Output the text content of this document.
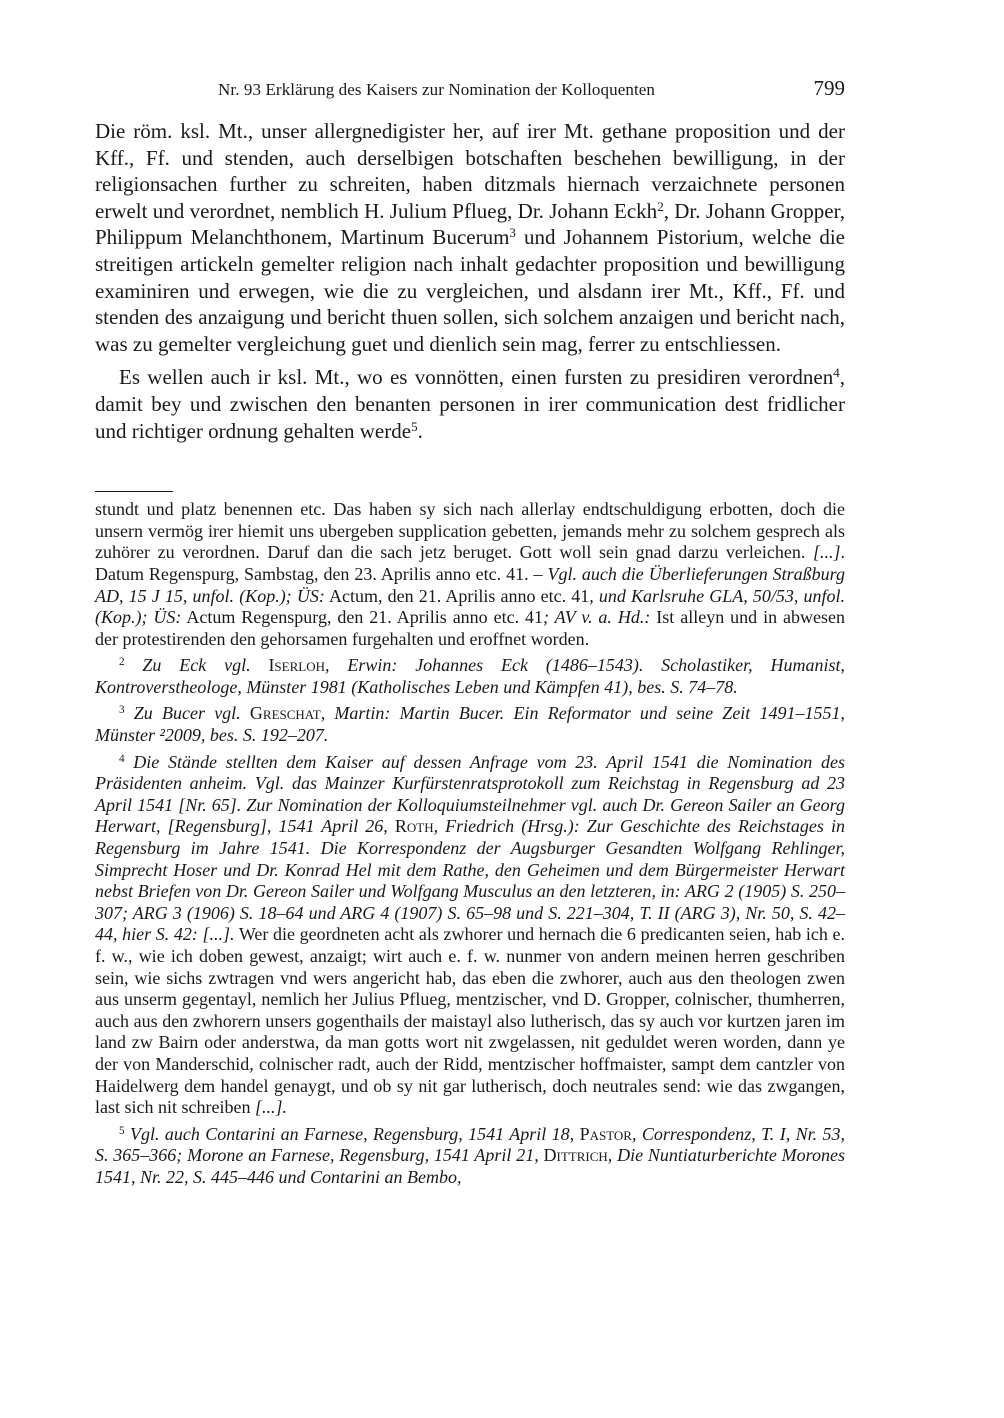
Nr. 93 Erklärung des Kaisers zur Nomination der Kolloquenten	799

Die röm. ksl. Mt., unser allergnedigister her, auf irer Mt. gethane proposition und der Kff., Ff. und stenden, auch derselbigen botschaften beschehen bewilligung, in der religionsachen further zu schreiten, haben ditzmals hiernach verzaichnete personen erwelt und verordnet, nemblich H. Julium Pflueg, Dr. Johann Eckh$^2$, Dr. Johann Gropper, Philippum Melanchthonem, Martinum Bucerum$^3$ und Johannem Pistorium, welche die streitigen artickeln gemelter religion nach inhalt gedachter proposition und bewilligung examiniren und erwegen, wie die zu vergleichen, und alsdann irer Mt., Kff., Ff. und stenden des anzaigung und bericht thuen sollen, sich solchem anzaigen und bericht nach, was zu gemelter vergleichung guet und dienlich sein mag, ferrer zu entschliessen.

Es wellen auch ir ksl. Mt., wo es vonnötten, einen fursten zu presidiren verordnen$^4$, damit bey und zwischen den benanten personen in irer communication dest fridlicher und richtiger ordnung gehalten werde$^5$.

stundt und platz benennen etc. Das haben sy sich nach allerlay endtschuldigung erbotten, doch die unsern vermög irer hiemit uns ubergeben supplication gebetten, jemands mehr zu solchem gesprech als zuhörer zu verordnen. Daruf dan die sach jetz beruget. Gott woll sein gnad darzu verleichen. [...]. Datum Regenspurg, Sambstag, den 23. Aprilis anno etc. 41. – Vgl. auch die Überlieferungen Straßburg AD, 15 J 15, unfol. (Kop.); ÜS: Actum, den 21. Aprilis anno etc. 41, und Karlsruhe GLA, 50/53, unfol. (Kop.); ÜS: Actum Regenspurg, den 21. Aprilis anno etc. 41; AV v. a. Hd.: Ist alleyn und in abwesen der protestirenden den gehorsamen furgehalten und eroffnet worden.

$^2$ Zu Eck vgl. Iserloh, Erwin: Johannes Eck (1486–1543). Scholastiker, Humanist, Kontroverstheologe, Münster 1981 (Katholisches Leben und Kämpfen 41), bes. S. 74–78.

$^3$ Zu Bucer vgl. Greschat, Martin: Martin Bucer. Ein Reformator und seine Zeit 1491–1551, Münster ²2009, bes. S. 192–207.

$^4$ Die Stände stellten dem Kaiser auf dessen Anfrage vom 23. April 1541 die Nomination des Präsidenten anheim. Vgl. das Mainzer Kurfürstenratsprotokoll zum Reichstag in Regensburg ad 23 April 1541 [Nr. 65]. Zur Nomination der Kolloquiumsteilnehmer vgl. auch Dr. Gereon Sailer an Georg Herwart, [Regensburg], 1541 April 26, Roth, Friedrich (Hrsg.): Zur Geschichte des Reichstages in Regensburg im Jahre 1541. Die Korrespondenz der Augsburger Gesandten Wolfgang Rehlinger, Simprecht Hoser und Dr. Konrad Hel mit dem Rathe, den Geheimen und dem Bürgermeister Herwart nebst Briefen von Dr. Gereon Sailer und Wolfgang Musculus an den letzteren, in: ARG 2 (1905) S. 250–307; ARG 3 (1906) S. 18–64 und ARG 4 (1907) S. 65–98 und S. 221–304, T. II (ARG 3), Nr. 50, S. 42–44, hier S. 42: [...]. Wer die geordneten acht als zwhorer und hernach die 6 predicanten seien, hab ich e. f. w., wie ich doben gewest, anzaigt; wirt auch e. f. w. nunmer von andern meinen herren geschriben sein, wie sichs zwtragen vnd wers angericht hab, das eben die zwhorer, auch aus den theologen zwen aus unserm gegentayl, nemlich her Julius Pflueg, mentzischer, vnd D. Gropper, colnischer, thumherren, auch aus den zwhorern unsers gogenthails der maistayl also lutherisch, das sy auch vor kurtzen jaren im land zw Bairn oder anderstwa, da man gotts wort nit zwgelassen, nit geduldet weren worden, dann ye der von Manderschid, colnischer radt, auch der Ridd, mentzischer hoffmaister, sampt dem cantzler von Haidelwerg dem handel genaygt, und ob sy nit gar lutherisch, doch neutrales send: wie das zwgangen, last sich nit schreiben [...].

$^5$ Vgl. auch Contarini an Farnese, Regensburg, 1541 April 18, Pastor, Correspondenz, T. I, Nr. 53, S. 365–366; Morone an Farnese, Regensburg, 1541 April 21, Dittrich, Die Nuntiaturberichte Morones 1541, Nr. 22, S. 445–446 und Contarini an Bembo,
